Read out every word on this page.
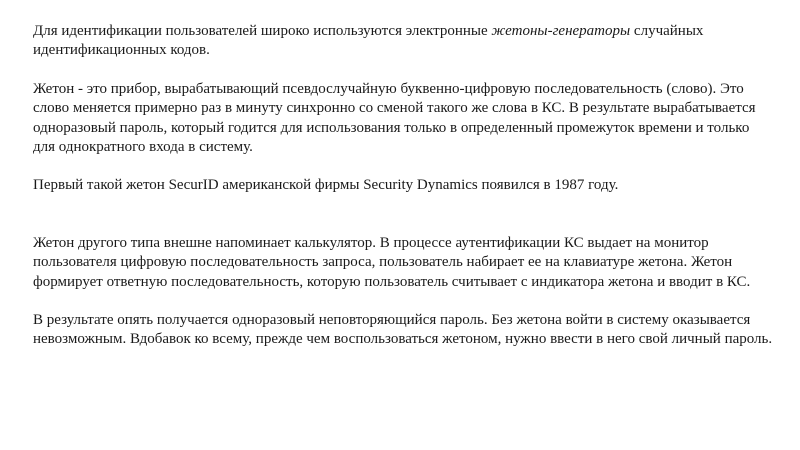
Для идентификации пользователей широко используются электронные жетоны-генераторы случайных идентификационных кодов.

Жетон - это прибор, вырабатывающий псевдослучайную буквенно-цифровую последовательность (слово). Это слово меняется примерно раз в минуту синхронно со сменой такого же слова в КС. В результате вырабатывается одноразовый пароль, который годится для использования только в определенный промежуток времени и только для однократного входа в систему.

Первый такой жетон SecurID американской фирмы Security Dynamics появился в 1987 году.

Жетон другого типа внешне напоминает калькулятор. В процессе аутентификации КС выдает на монитор пользователя цифровую последовательность запроса, пользователь набирает ее на клавиатуре жетона. Жетон формирует ответную последовательность, которую пользователь считывает с индикатора жетона и вводит в КС.

В результате опять получается одноразовый неповторяющийся пароль. Без жетона войти в систему оказывается невозможным. Вдобавок ко всему, прежде чем воспользоваться жетоном, нужно ввести в него свой личный пароль.
